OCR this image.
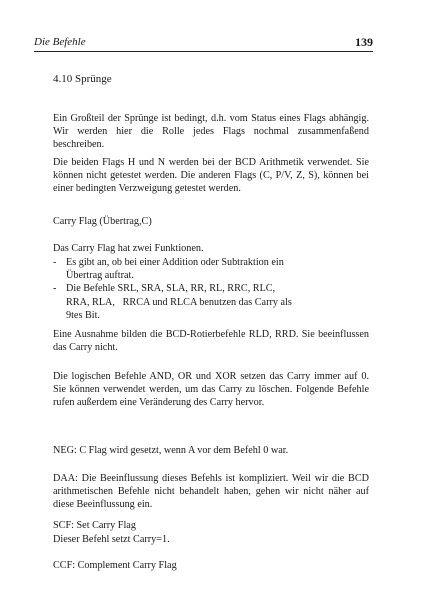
Die Befehle	139
4.10 Sprünge

Ein Großteil der Sprünge ist bedingt, d.h. vom Status eines Flags abhängig. Wir werden hier die Rolle jedes Flags nochmal zusammenfaßend beschreiben.

Die beiden Flags H und N werden bei der BCD Arithmetik verwendet. Sie können nicht getestet werden. Die anderen Flags (C, P/V, Z, S), können bei einer bedingten Verzweigung getestet werden.

Carry Flag (Übertrag,C)

Das Carry Flag hat zwei Funktionen.

- Es gibt an, ob bei einer Addition oder Subtraktion ein
Übertrag auftrat.
- Die Befehle SRL, SRA, SLA, RR, RL, RRC, RLC,
RRA, RLA,   RRCA und RLCA benutzen das Carry als
9tes Bit.

Eine Ausnahme bilden die BCD-Rotierbefehle RLD, RRD. Sie beeinflussen das Carry nicht.

Die logischen Befehle AND, OR und XOR setzen das Carry immer auf 0. Sie können verwendet werden, um das Carry zu löschen. Folgende Befehle rufen außerdem eine Veränderung des Carry hervor.

NEG: C Flag wird gesetzt, wenn A vor dem Befehl 0 war.

DAA: Die Beeinflussung dieses Befehls ist kompliziert. Weil wir die BCD arithmetischen Befehle nicht behandelt haben, gehen wir nicht näher auf diese Beeinflussung ein.

SCF: Set Carry Flag

Dieser Befehl setzt Carry=1.

CCF: Complement Carry Flag
